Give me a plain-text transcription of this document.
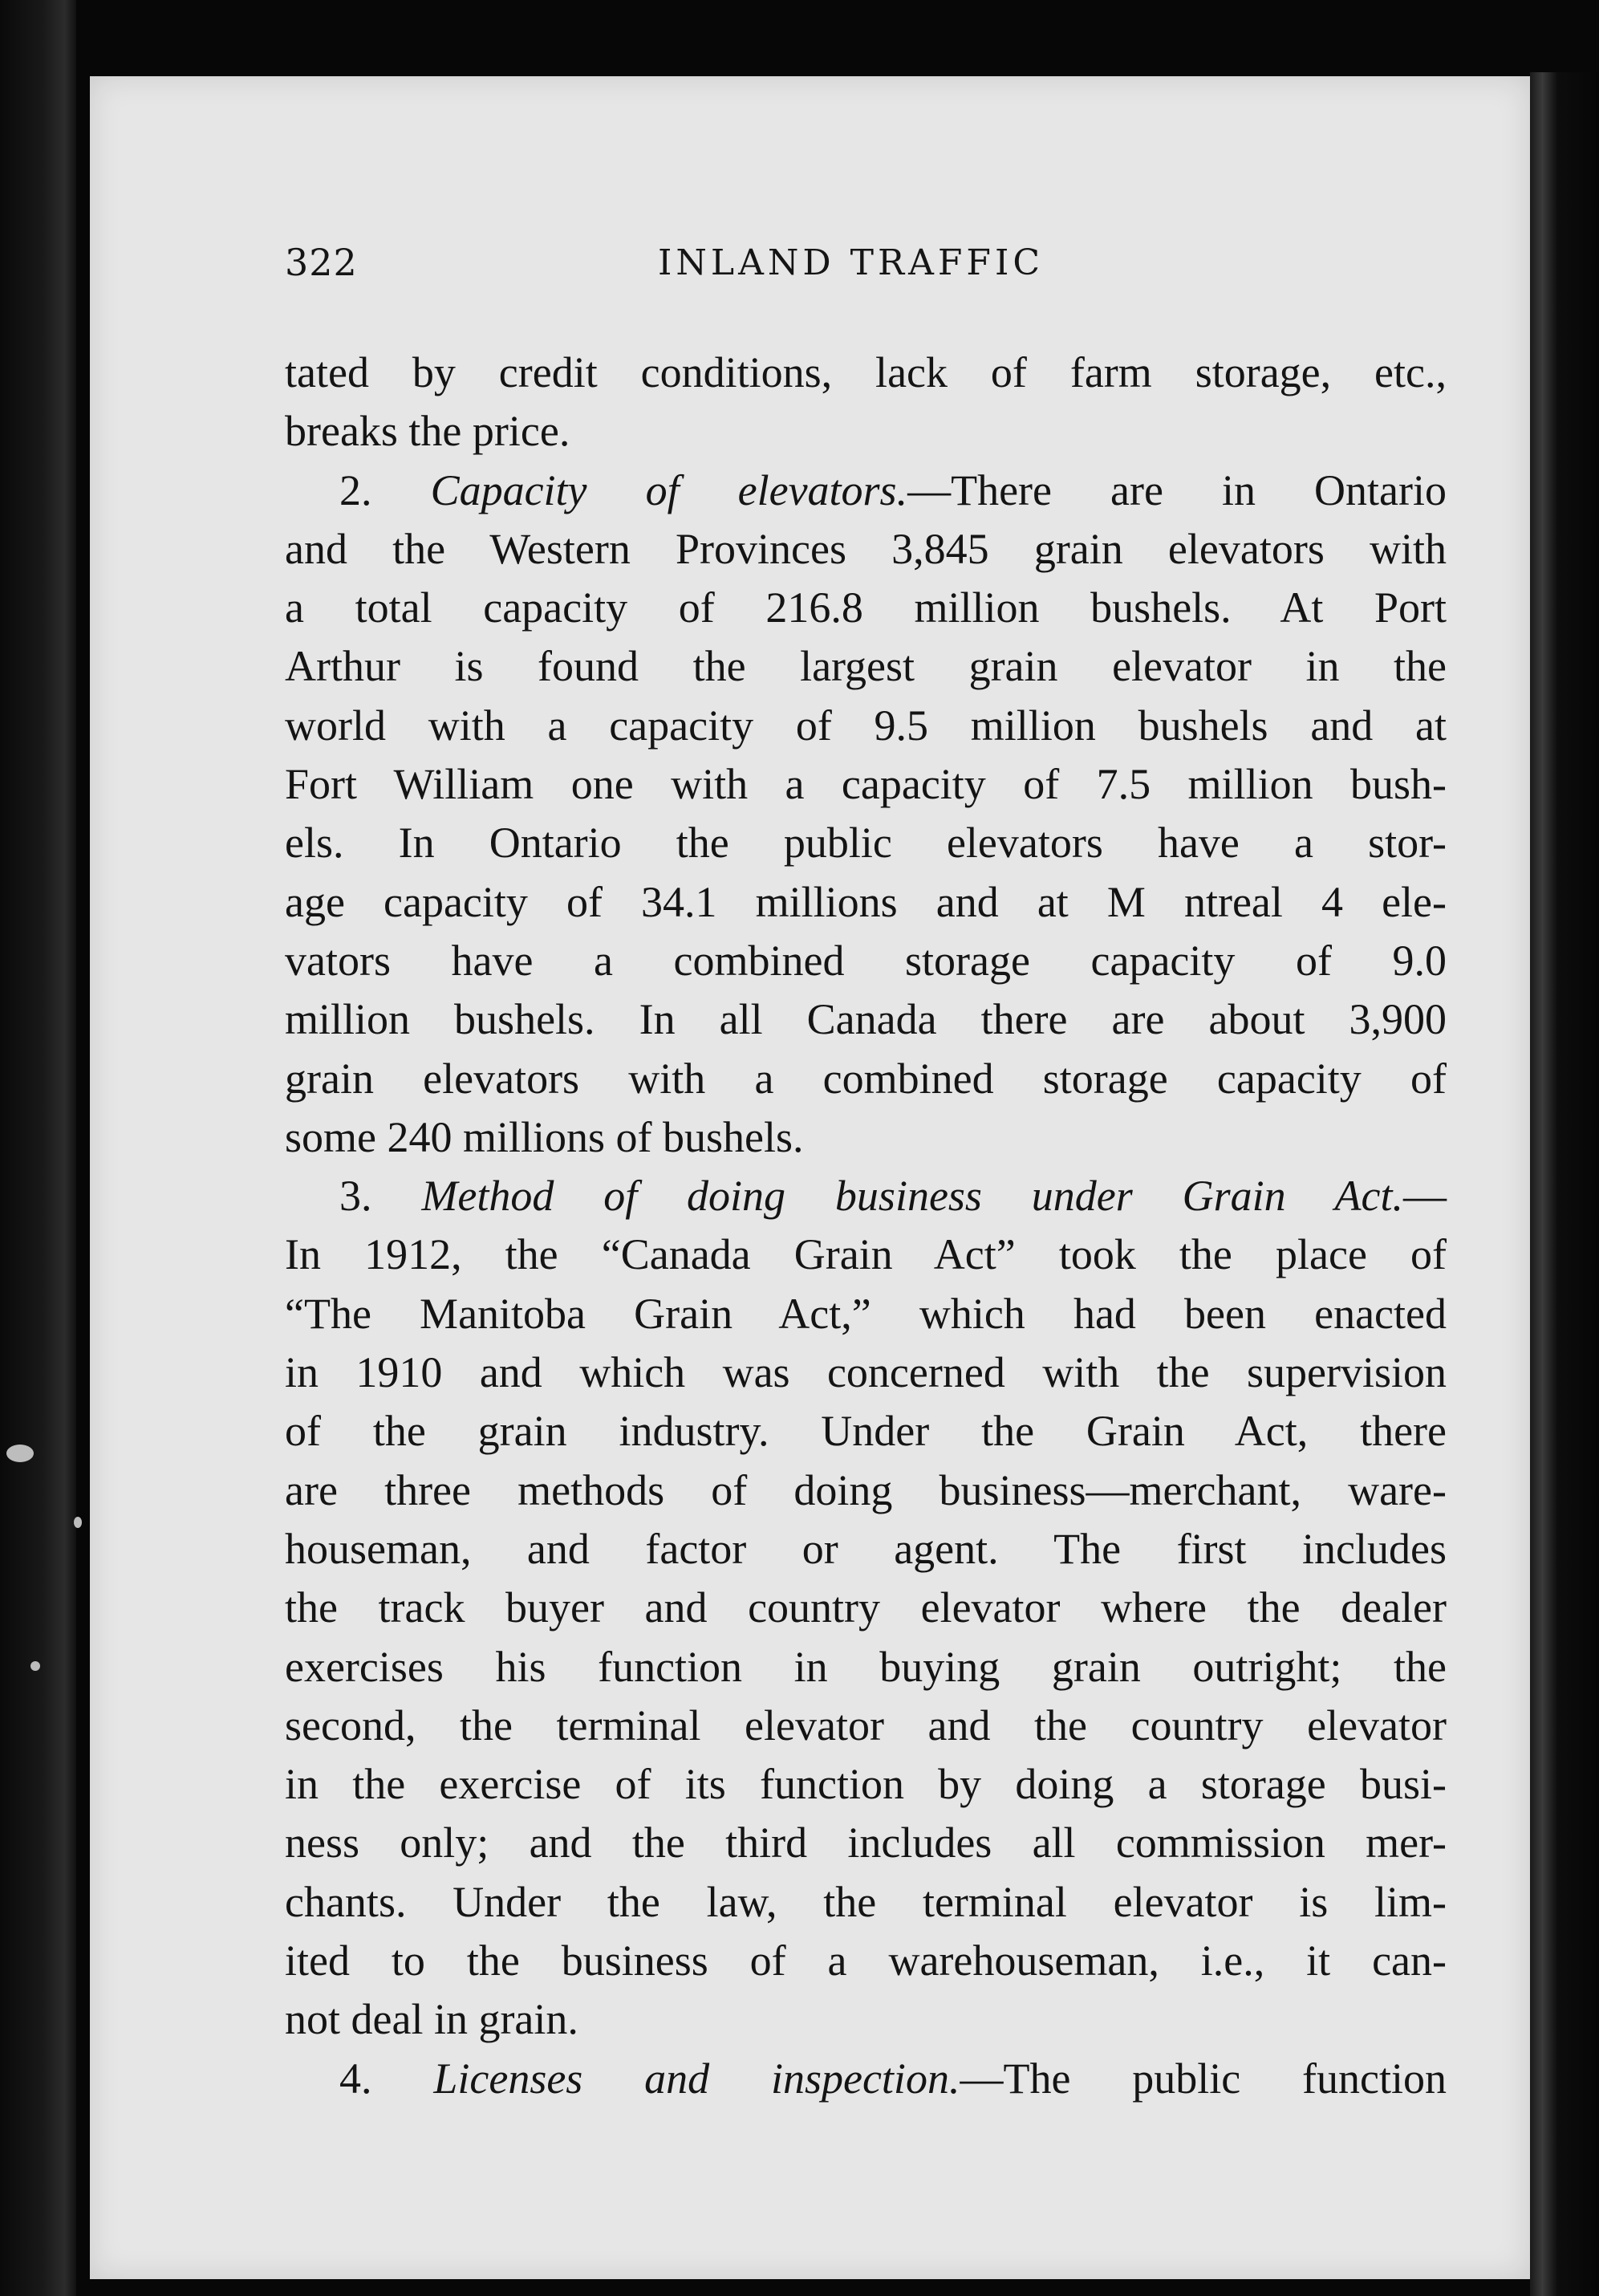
322	INLAND TRAFFIC
tated by credit conditions, lack of farm storage, etc.,
breaks the price.
2. Capacity of elevators.—There are in Ontario
and the Western Provinces 3,845 grain elevators with
a total capacity of 216.8 million bushels. At Port
Arthur is found the largest grain elevator in the
world with a capacity of 9.5 million bushels and at
Fort William one with a capacity of 7.5 million bush-
els. In Ontario the public elevators have a stor-
age capacity of 34.1 millions and at M ntreal 4 ele-
vators have a combined storage capacity of 9.0
million bushels. In all Canada there are about 3,900
grain elevators with a combined storage capacity of
some 240 millions of bushels.
3. Method of doing business under Grain Act.—
In 1912, the “Canada Grain Act” took the place of
“The Manitoba Grain Act,” which had been enacted
in 1910 and which was concerned with the supervision
of the grain industry. Under the Grain Act, there
are three methods of doing business—merchant, ware-
houseman, and factor or agent. The first includes
the track buyer and country elevator where the dealer
exercises his function in buying grain outright; the
second, the terminal elevator and the country elevator
in the exercise of its function by doing a storage busi-
ness only; and the third includes all commission mer-
chants. Under the law, the terminal elevator is lim-
ited to the business of a warehouseman, i.e., it can-
not deal in grain.
4. Licenses and inspection.—The public function
